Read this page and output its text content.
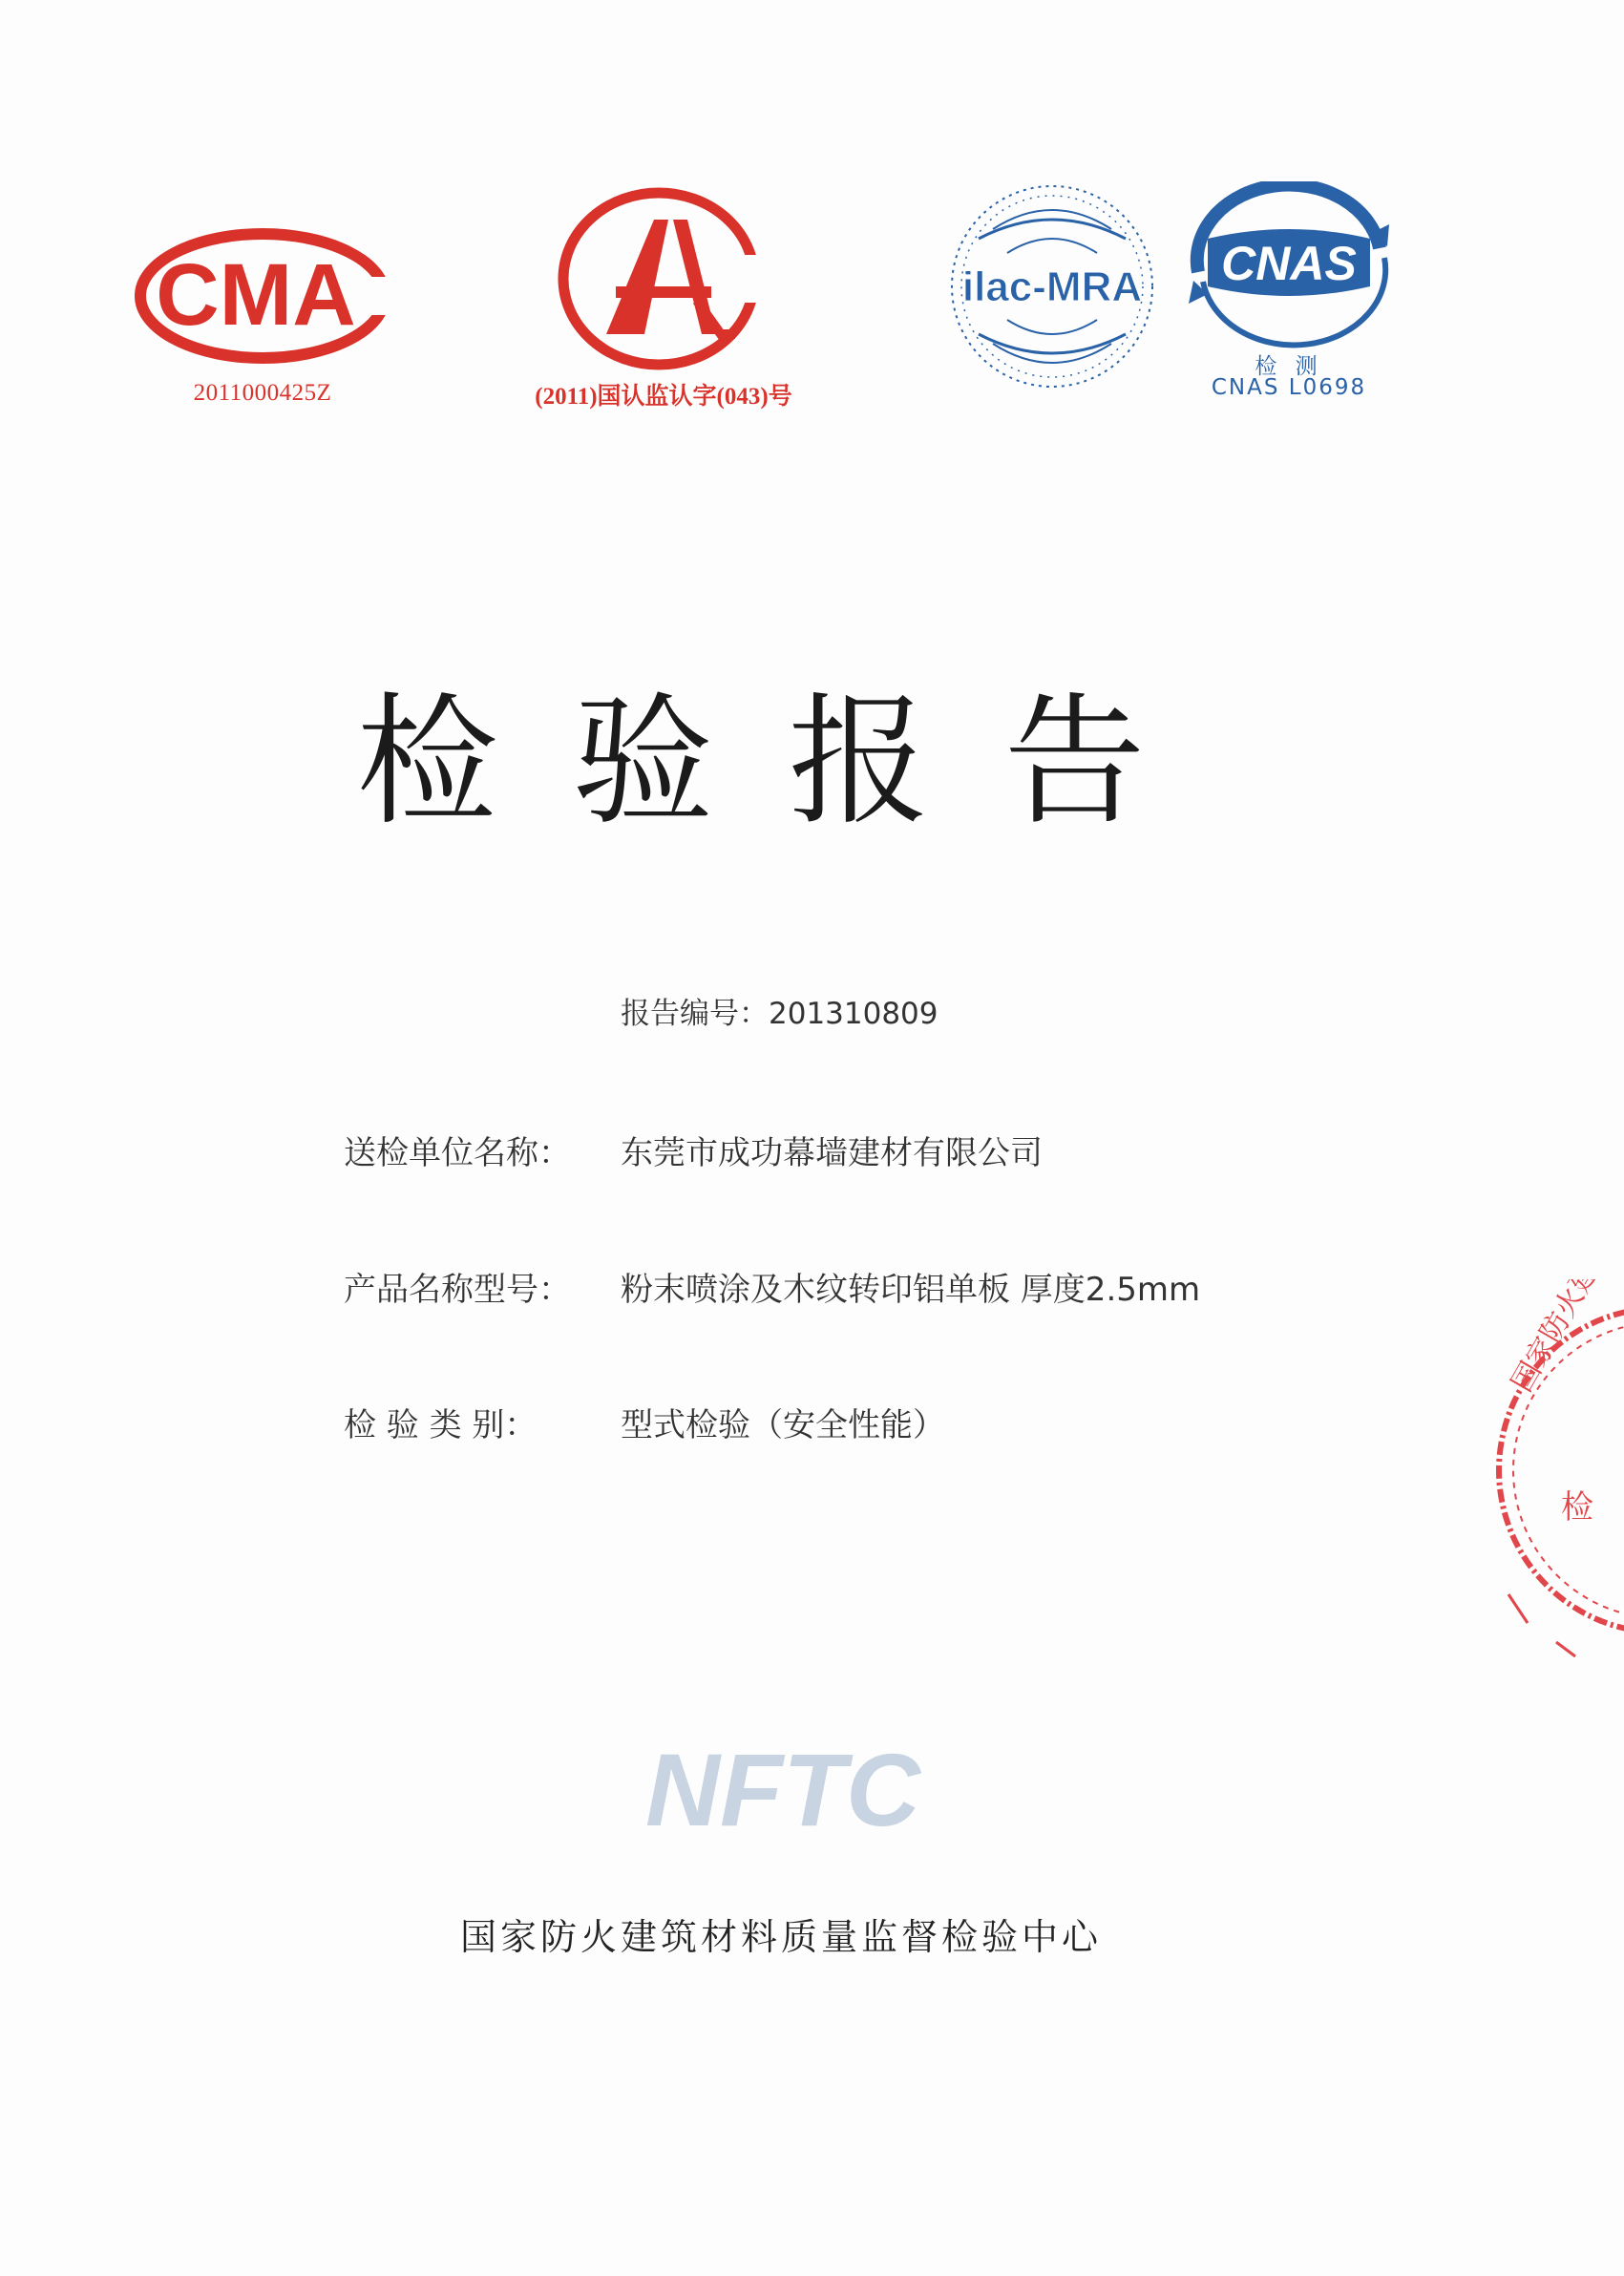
CMA
2011000425Z	(2011)国认监认字(043)号
ilac-MRA CNAS
检 测
CNAS L0698
检验报告
报告编号：201310809
送检单位名称： 东莞市成功幕墙建材有限公司
产品名称型号： 粉末喷涂及木纹转印铝单板 厚度2.5mm
检 验 类 别：	型式检验（安全性能）
NFTC
国家防火建筑材料质量监督检验中心
国家防火建筑
检
